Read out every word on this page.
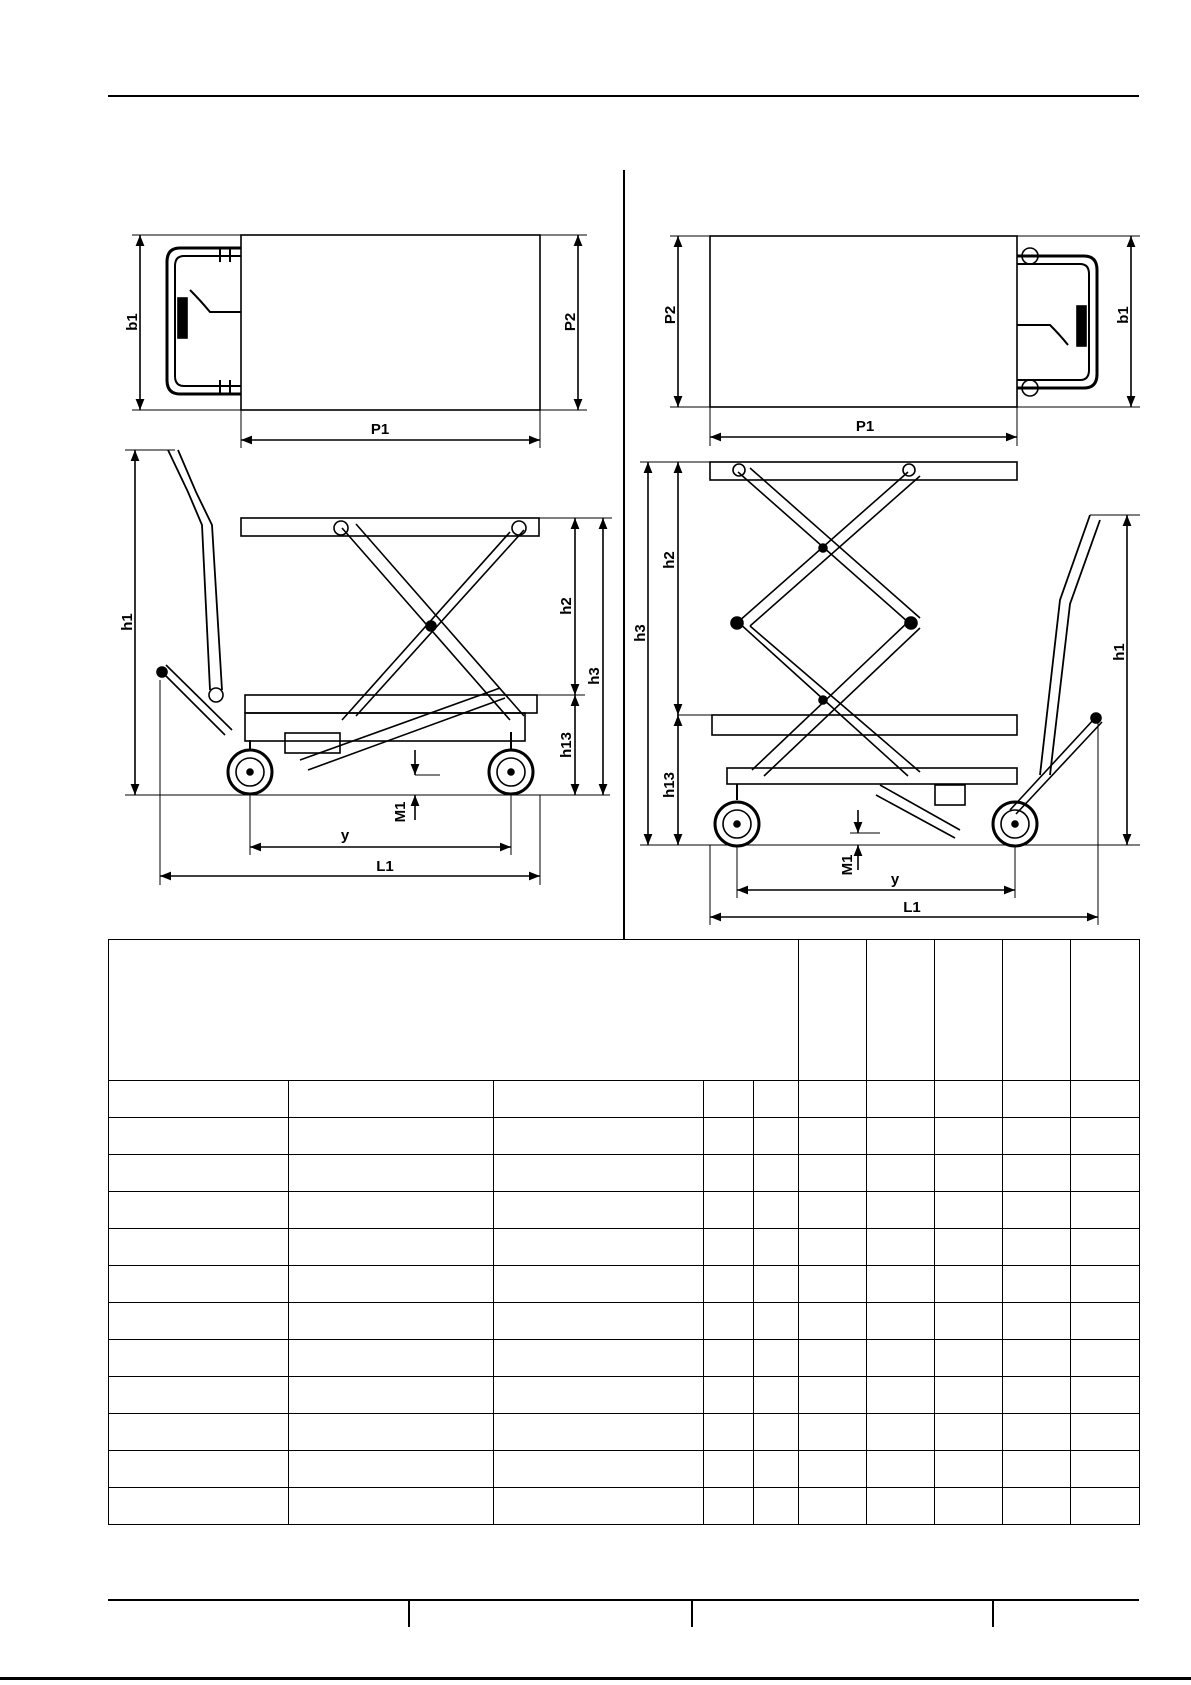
b1	P2
P1
h1
h2
h3
h13
M1
y
L1
P2	b1
P1
h2
h3
h1
h13
M1
y
L1
